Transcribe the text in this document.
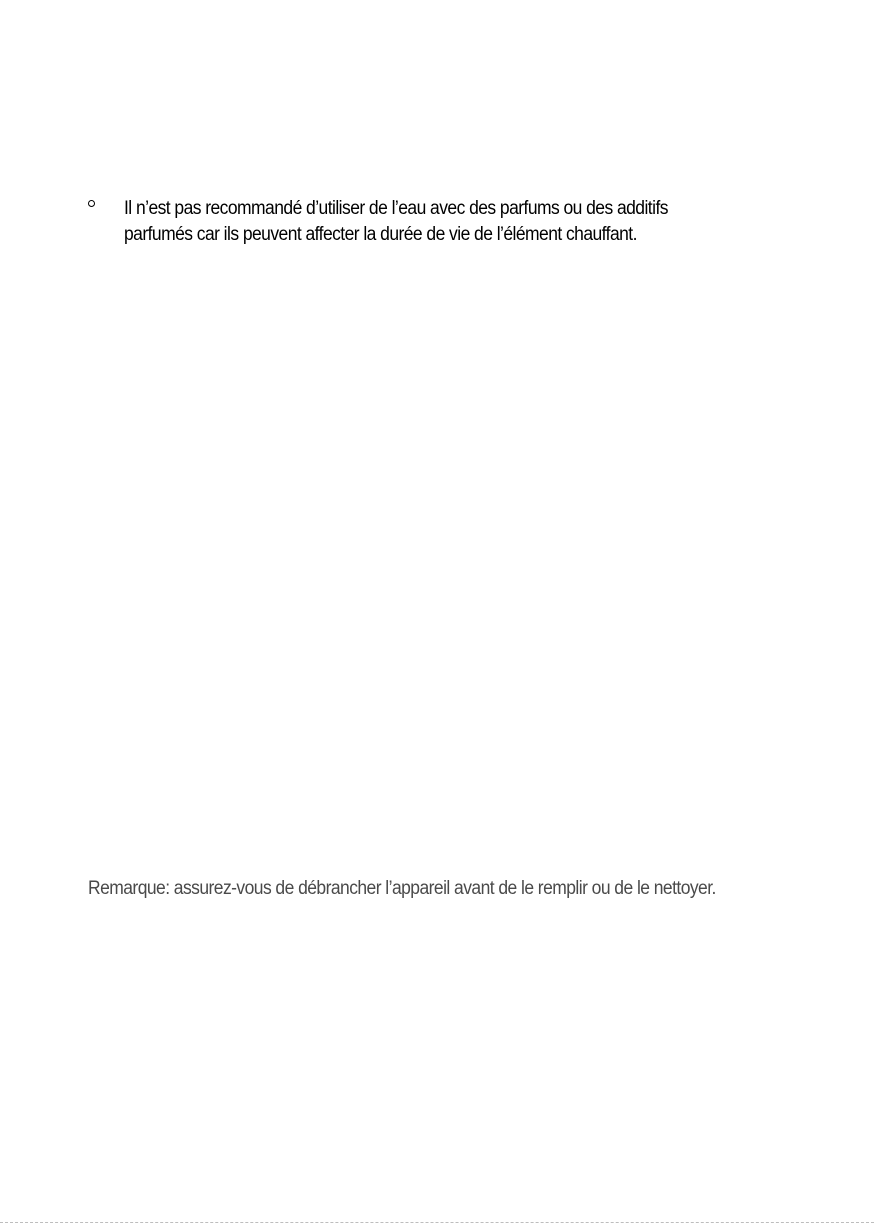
Il n’est pas recommandé d’utiliser de l’eau avec des parfums ou des additifs
parfumés car ils peuvent affecter la durée de vie de l’élément chauffant.
Remarque: assurez-vous de débrancher l’appareil avant de le remplir ou de le nettoyer.
